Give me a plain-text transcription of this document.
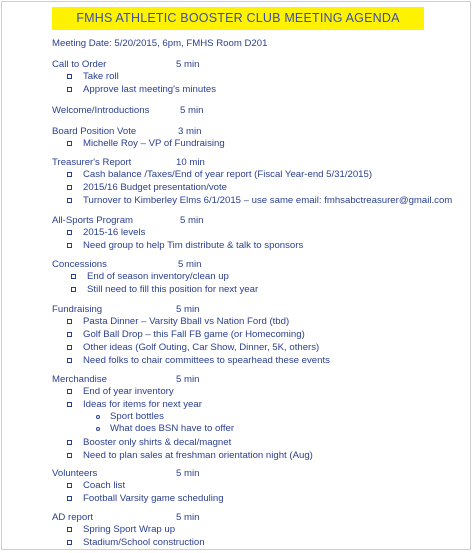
FMHS ATHLETIC BOOSTER CLUB MEETING AGENDA
Meeting Date: 5/20/2015, 6pm, FMHS Room D201
Call to Order	5 min
Take roll
Approve last meeting's minutes
Welcome/Introductions	5 min
Board Position Vote	3 min
Michelle Roy – VP of Fundraising
Treasurer's Report	10 min
Cash balance /Taxes/End of year report (Fiscal Year-end 5/31/2015)
2015/16 Budget presentation/vote
Turnover to Kimberley Elms 6/1/2015 – use same email: fmhsabctreasurer@gmail.com
All-Sports Program	5 min
2015-16 levels
Need group to help Tim distribute & talk to sponsors
Concessions	5 min
End of season inventory/clean up
Still need to fill this position for next year
Fundraising	5 min
Pasta Dinner – Varsity Bball vs Nation Ford (tbd)
Golf Ball Drop – this Fall FB game (or Homecoming)
Other ideas (Golf Outing, Car Show, Dinner, 5K, others)
Need folks to chair committees to spearhead these events
Merchandise	5 min
End of year inventory
Ideas for items for next year
Sport bottles
What does BSN have to offer
Booster only shirts & decal/magnet
Need to plan sales at freshman orientation night (Aug)
Volunteers	5 min
Coach list
Football Varsity game scheduling
AD report	5 min
Spring Sport Wrap up
Stadium/School construction
